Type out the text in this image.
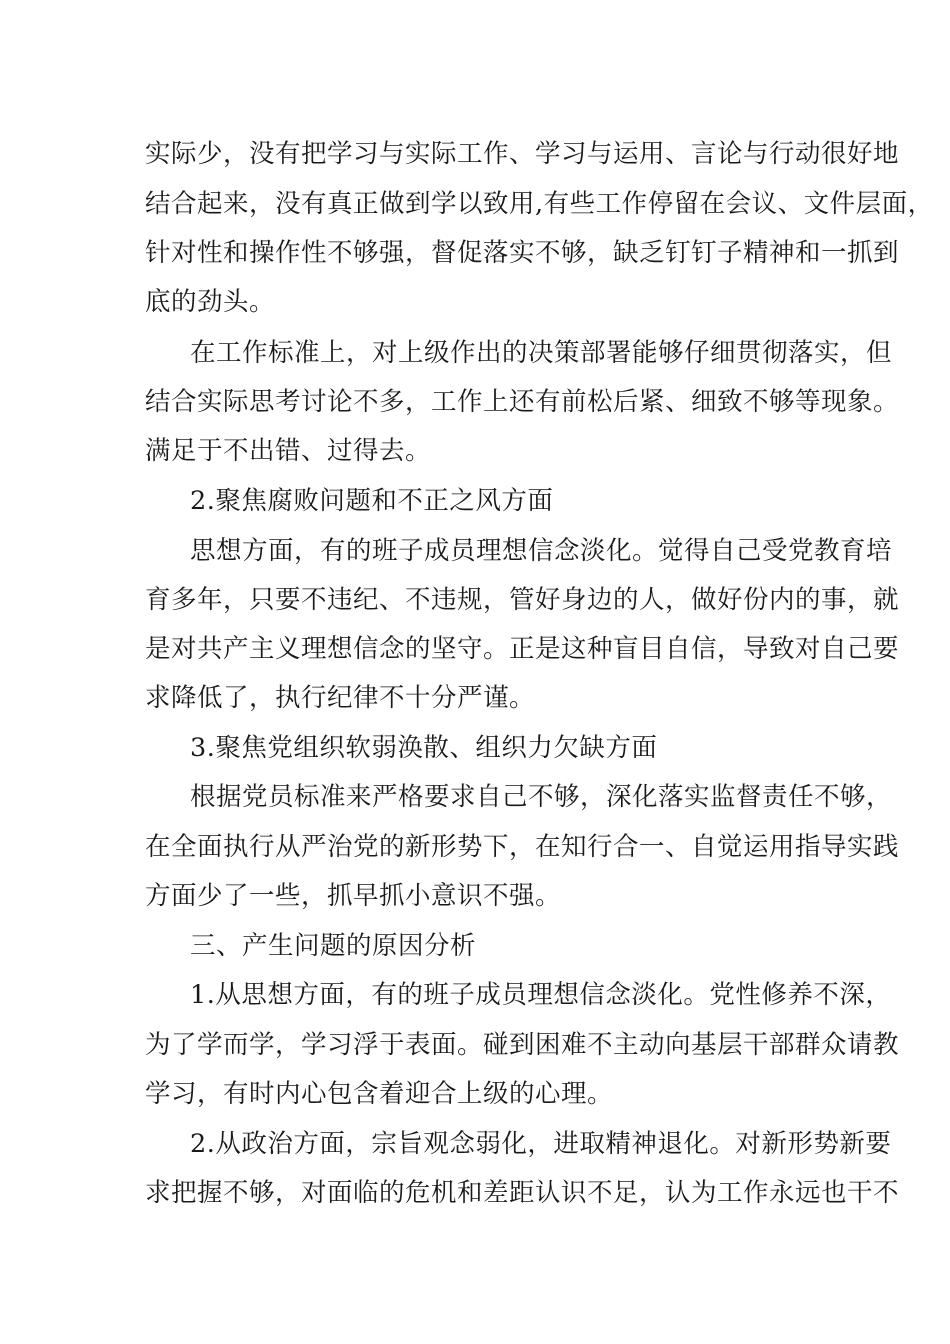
实际少，没有把学习与实际工作、学习与运用、言论与行动很好地
结合起来，没有真正做到学以致用,有些工作停留在会议、文件层面，
针对性和操作性不够强，督促落实不够，缺乏钉钉子精神和一抓到
底的劲头。
在工作标准上，对上级作出的决策部署能够仔细贯彻落实，但
结合实际思考讨论不多，工作上还有前松后紧、细致不够等现象。
满足于不出错、过得去。
2.聚焦腐败问题和不正之风方面
思想方面，有的班子成员理想信念淡化。觉得自己受党教育培
育多年，只要不违纪、不违规，管好身边的人，做好份内的事，就
是对共产主义理想信念的坚守。正是这种盲目自信，导致对自己要
求降低了，执行纪律不十分严谨。
3.聚焦党组织软弱涣散、组织力欠缺方面
根据党员标准来严格要求自己不够，深化落实监督责任不够，
在全面执行从严治党的新形势下，在知行合一、自觉运用指导实践
方面少了一些，抓早抓小意识不强。
三、产生问题的原因分析
1.从思想方面，有的班子成员理想信念淡化。党性修养不深，
为了学而学，学习浮于表面。碰到困难不主动向基层干部群众请教
学习，有时内心包含着迎合上级的心理。
2.从政治方面，宗旨观念弱化，进取精神退化。对新形势新要
求把握不够，对面临的危机和差距认识不足，认为工作永远也干不
